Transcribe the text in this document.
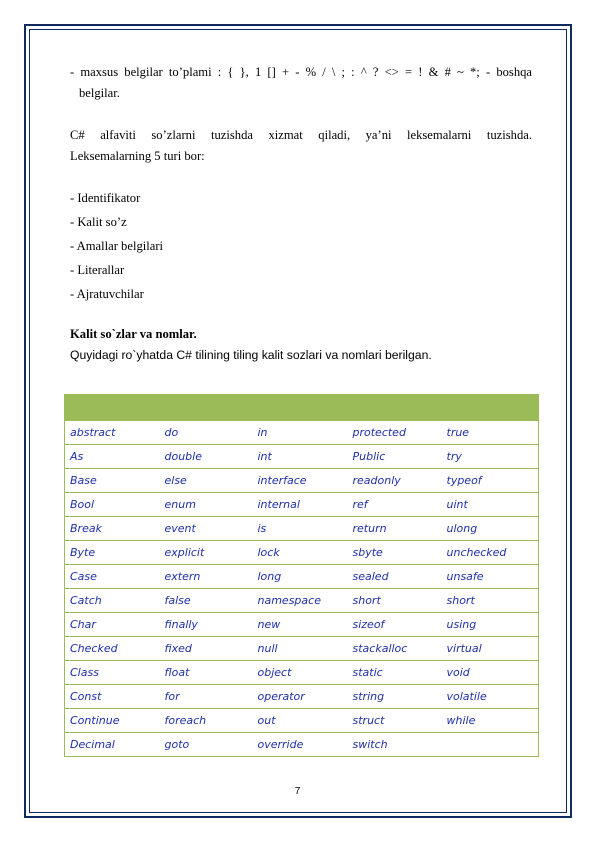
- maxsus belgilar to’plami : { }, 1 [] + - % / \ ; : ^ ? <> = ! & # ~ *; - boshqa

belgilar.

C# alfaviti so’zlarni tuzishda xizmat qiladi, ya’ni leksemalarni tuzishda.

Leksemalarning 5 turi bor:

- Identifikator

- Kalit so’z

- Amallar belgilari

- Literallar

- Ajratuvchilar

Kalit so`zlar va nomlar.

Quyidagi ro`yhatda C# tilining tiling kalit sozlari va nomlari berilgan.

abstract	do	in	protected	true
As	double	int	Public	try
Base	else	interface	readonly	typeof
Bool	enum	internal	ref	uint
Break	event	is	return	ulong
Byte	explicit	lock	sbyte	unchecked
Case	extern	long	sealed	unsafe
Catch	false	namespace	short	short
Char	finally	new	sizeof	using
Checked	fixed	null	stackalloc	virtual
Class	float	object	static	void
Const	for	operator	string	volatile
Continue	foreach	out	struct	while
Decimal	goto	override	switch	
7
